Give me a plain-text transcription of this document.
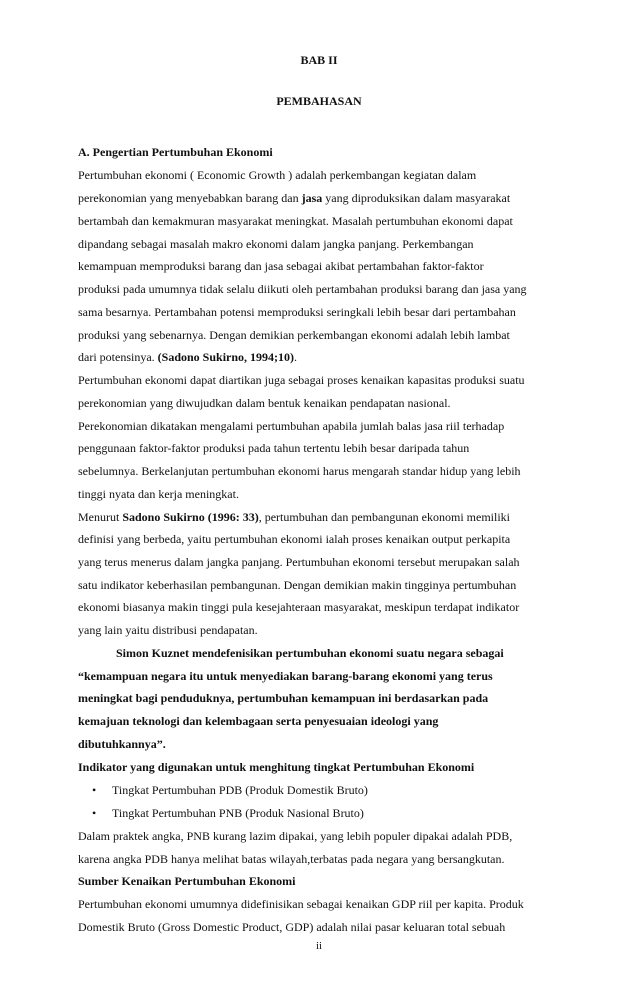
BAB II
PEMBAHASAN
A. Pengertian Pertumbuhan Ekonomi
Pertumbuhan ekonomi ( Economic Growth ) adalah perkembangan kegiatan dalam
perekonomian yang menyebabkan barang dan jasa yang diproduksikan dalam masyarakat
bertambah dan kemakmuran masyarakat meningkat. Masalah pertumbuhan ekonomi dapat
dipandang sebagai masalah makro ekonomi dalam jangka panjang. Perkembangan
kemampuan memproduksi barang dan jasa sebagai akibat pertambahan faktor-faktor
produksi pada umumnya tidak selalu diikuti oleh pertambahan produksi barang dan jasa yang
sama besarnya. Pertambahan potensi memproduksi seringkali lebih besar dari pertambahan
produksi yang sebenarnya. Dengan demikian perkembangan ekonomi adalah lebih lambat
dari potensinya. (Sadono Sukirno, 1994;10).
Pertumbuhan ekonomi dapat diartikan juga sebagai proses kenaikan kapasitas produksi suatu
perekonomian yang diwujudkan dalam bentuk kenaikan pendapatan nasional.
Perekonomian dikatakan mengalami pertumbuhan apabila jumlah balas jasa riil terhadap
penggunaan faktor-faktor produksi pada tahun tertentu lebih besar daripada tahun
sebelumnya. Berkelanjutan pertumbuhan ekonomi harus mengarah standar hidup yang lebih
tinggi nyata dan kerja meningkat.
Menurut Sadono Sukirno (1996: 33), pertumbuhan dan pembangunan ekonomi memiliki
definisi yang berbeda, yaitu pertumbuhan ekonomi ialah proses kenaikan output perkapita
yang terus menerus dalam jangka panjang. Pertumbuhan ekonomi tersebut merupakan salah
satu indikator keberhasilan pembangunan. Dengan demikian makin tingginya pertumbuhan
ekonomi biasanya makin tinggi pula kesejahteraan masyarakat, meskipun terdapat indikator
yang lain yaitu distribusi pendapatan.
Simon Kuznet mendefenisikan pertumbuhan ekonomi suatu negara sebagai
“kemampuan negara itu untuk menyediakan barang-barang ekonomi yang terus
meningkat bagi penduduknya, pertumbuhan kemampuan ini berdasarkan pada
kemajuan teknologi dan kelembagaan serta penyesuaian ideologi yang
dibutuhkannya”.
Indikator yang digunakan untuk menghitung tingkat Pertumbuhan Ekonomi
• Tingkat Pertumbuhan PDB (Produk Domestik Bruto)
• Tingkat Pertumbuhan PNB (Produk Nasional Bruto)
Dalam praktek angka, PNB kurang lazim dipakai, yang lebih populer dipakai adalah PDB,
karena angka PDB hanya melihat batas wilayah,terbatas pada negara yang bersangkutan.
Sumber Kenaikan Pertumbuhan Ekonomi
Pertumbuhan ekonomi umumnya didefinisikan sebagai kenaikan GDP riil per kapita. Produk
Domestik Bruto (Gross Domestic Product, GDP) adalah nilai pasar keluaran total sebuah
ii
